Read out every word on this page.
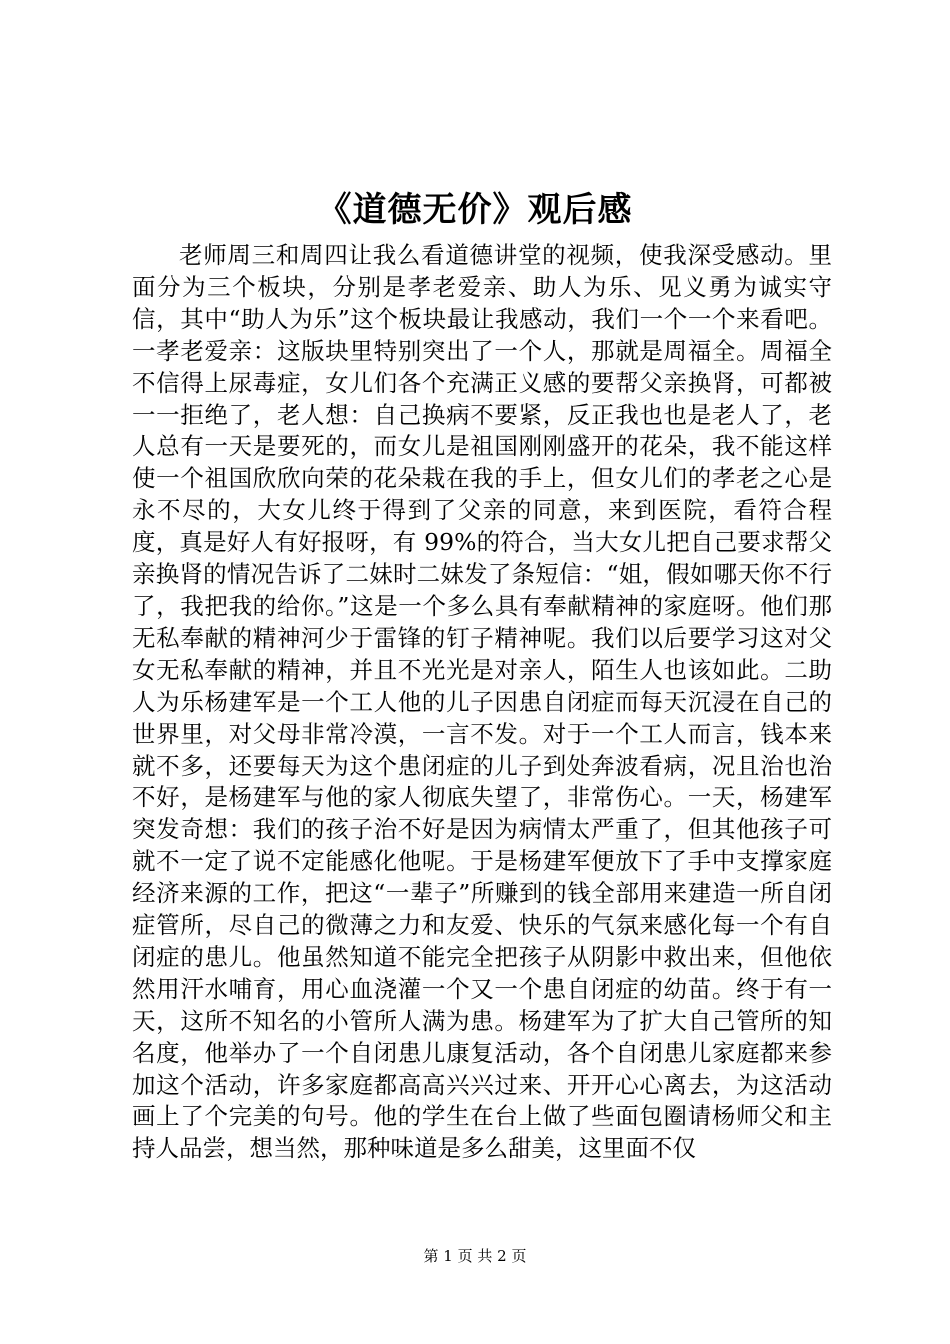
《道德无价》观后感

老师周三和周四让我么看道德讲堂的视频，使我深受感动。里面分为三个板块，分别是孝老爱亲、助人为乐、见义勇为诚实守信，其中“助人为乐”这个板块最让我感动，我们一个一个来看吧。一孝老爱亲：这版块里特别突出了一个人，那就是周福全。周福全不信得上尿毒症，女儿们各个充满正义感的要帮父亲换肾，可都被一一拒绝了，老人想：自己换病不要紧，反正我也也是老人了，老人总有一天是要死的，而女儿是祖国刚刚盛开的花朵，我不能这样使一个祖国欣欣向荣的花朵栽在我的手上，但女儿们的孝老之心是永不尽的，大女儿终于得到了父亲的同意，来到医院，看符合程度，真是好人有好报呀，有 99%的符合，当大女儿把自己要求帮父亲换肾的情况告诉了二妹时二妹发了条短信：“姐，假如哪天你不行了，我把我的给你。”这是一个多么具有奉献精神的家庭呀。他们那无私奉献的精神河少于雷锋的钉子精神呢。我们以后要学习这对父女无私奉献的精神，并且不光光是对亲人，陌生人也该如此。二助人为乐杨建军是一个工人他的儿子因患自闭症而每天沉浸在自己的世界里，对父母非常冷漠，一言不发。对于一个工人而言，钱本来就不多，还要每天为这个患闭症的儿子到处奔波看病，况且治也治不好，是杨建军与他的家人彻底失望了，非常伤心。一天，杨建军突发奇想：我们的孩子治不好是因为病情太严重了，但其他孩子可就不一定了说不定能感化他呢。于是杨建军便放下了手中支撑家庭经济来源的工作，把这“一辈子”所赚到的钱全部用来建造一所自闭症管所，尽自己的微薄之力和友爱、快乐的气氛来感化每一个有自闭症的患儿。他虽然知道不能完全把孩子从阴影中救出来，但他依然用汗水哺育，用心血浇灌一个又一个患自闭症的幼苗。终于有一天，这所不知名的小管所人满为患。杨建军为了扩大自己管所的知名度，他举办了一个自闭患儿康复活动，各个自闭患儿家庭都来参加这个活动，许多家庭都高高兴兴过来、开开心心离去，为这活动画上了个完美的句号。他的学生在台上做了些面包圈请杨师父和主持人品尝，想当然，那种味道是多么甜美，这里面不仅

第 1 页 共 2 页
